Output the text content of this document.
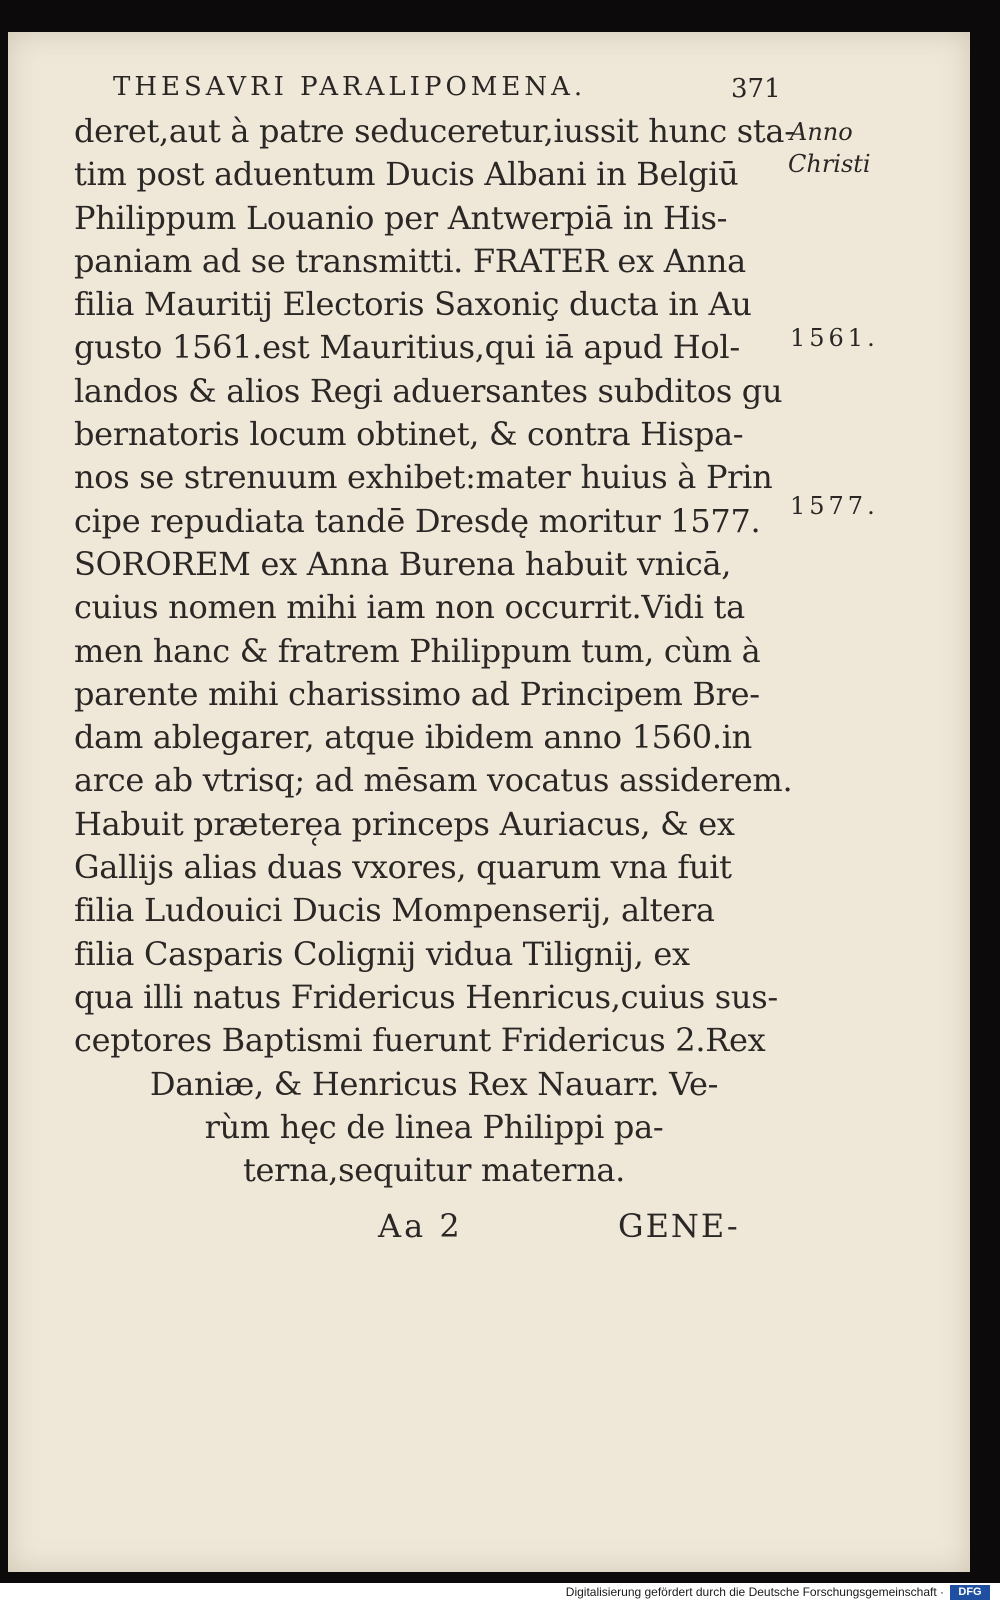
THESAVRI PARALIPOMENA.	371
deret,aut à patre seduceretur,iussit hunc sta-
tim post aduentum Ducis Albani in Belgiū
Philippum Louanio per Antwerpiā in His-
paniam ad se transmitti. FRATER ex Anna
filia Mauritij Electoris Saxoniç ducta in Au
gusto 1561.est Mauritius,qui iā apud Hol-
landos & alios Regi aduersantes subditos gu
bernatoris locum obtinet, & contra Hispa-
nos se strenuum exhibet:mater huius à Prin
cipe repudiata tandē Dresdę moritur 1577.
SORORЕM ex Anna Burena habuit vnicā,
cuius nomen mihi iam non occurrit.Vidi ta
men hanc & fratrem Philippum tum, cùm à
parente mihi charissimo ad Principem Bre-
dam ablegarer, atque ibidem anno 1560.in
arce ab vtrisq; ad mēsam vocatus assiderem.
Habuit prætere̜a princeps Auriacus, & ex
Gallijs alias duas vxores, quarum vna fuit
filia Ludouici Ducis Mompenserij, altera
filia Casparis Colignij vidua Tilignij, ex
qua illi natus Fridericus Henricus,cuius sus-
ceptores Baptismi fuerunt Fridericus 2.Rex
Daniæ, & Henricus Rex Nauarr. Ve-
rùm hęc de linea Philippi pa-
terna,sequitur materna.
Anno
Christi
1561.
1577.
Aa 2	GENE-
Digitalisierung gefördert durch die Deutsche Forschungsgemeinschaft ·	DFG
